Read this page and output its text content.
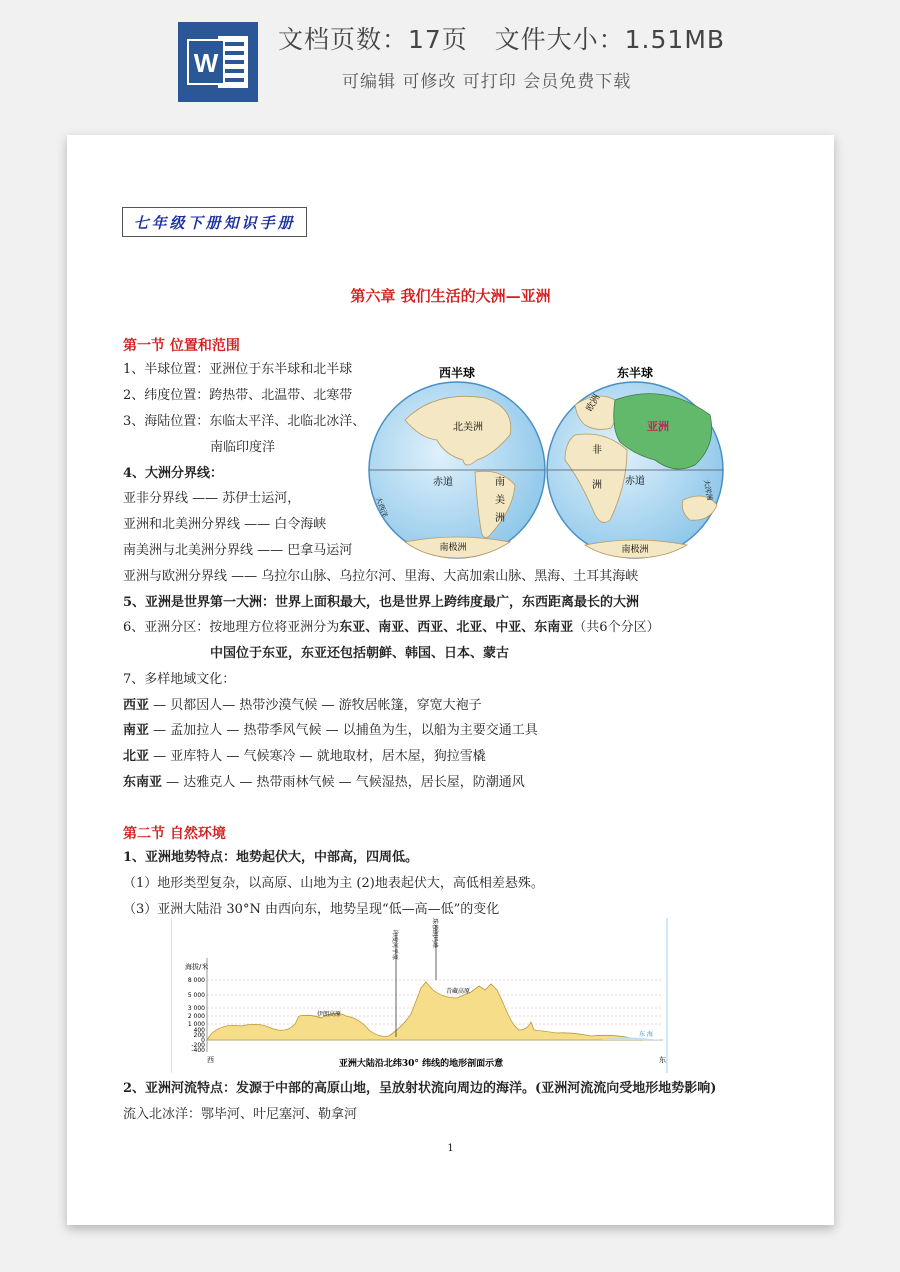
W
文档页数：17页   文件大小：1.51MB
可编辑 可修改 可打印 会员免费下载
七年级下册知识手册
第六章 我们生活的大洲—亚洲
第一节 位置和范围
1、半球位置：亚洲位于东半球和北半球
2、纬度位置：跨热带、北温带、北寒带
3、海陆位置：东临太平洋、北临北冰洋、
南临印度洋
4、大洲分界线：
亚非分界线 —— 苏伊士运河，
亚洲和北美洲分界线 —— 白令海峡
南美洲与北美洲分界线 —— 巴拿马运河
亚洲与欧洲分界线 —— 乌拉尔山脉、乌拉尔河、里海、大高加索山脉、黑海、土耳其海峡
5、亚洲是世界第一大洲：世界上面积最大，也是世界上跨纬度最广，东西距离最长的大洲
6、亚洲分区：按地理方位将亚洲分为东亚、南亚、西亚、北亚、中亚、东南亚（共6个分区）
中国位于东亚，东亚还包括朝鲜、韩国、日本、蒙古
7、多样地域文化：
西亚 — 贝都因人— 热带沙漠气候 — 游牧居帐篷，穿宽大袍子
南亚 — 孟加拉人 — 热带季风气候 — 以捕鱼为生，以船为主要交通工具
北亚 — 亚库特人 — 气候寒冷 — 就地取材，居木屋，狗拉雪橇
东南亚 — 达雅克人 — 热带雨林气候 — 气候湿热，居长屋，防潮通风
西半球	东半球
北美洲
赤道	南
美
洲
大西洋
南极洲
欧洲
亚洲
非
洲 赤道	大洋洲
南极洲
第二节 自然环境
1、亚洲地势特点：地势起伏大，中部高，四周低。
（1）地形类型复杂，以高原、山地为主 (2)地表起伏大，高低相差悬殊。
（3）亚洲大陆沿 30°N 由西向东，地势呈现“低—高—低”的变化
海拔/米
8 000
5 000
3 000
2 000
1 000
400
200
0
-200
-400
印度河平原	珠穆朗玛峰
青藏高原
伊朗高原
东 海
西	东
亚洲大陆沿北纬30° 纬线的地形剖面示意
2、亚洲河流特点：发源于中部的高原山地，呈放射状流向周边的海洋。(亚洲河流流向受地形地势影响)
流入北冰洋：鄂毕河、叶尼塞河、勒拿河
1
